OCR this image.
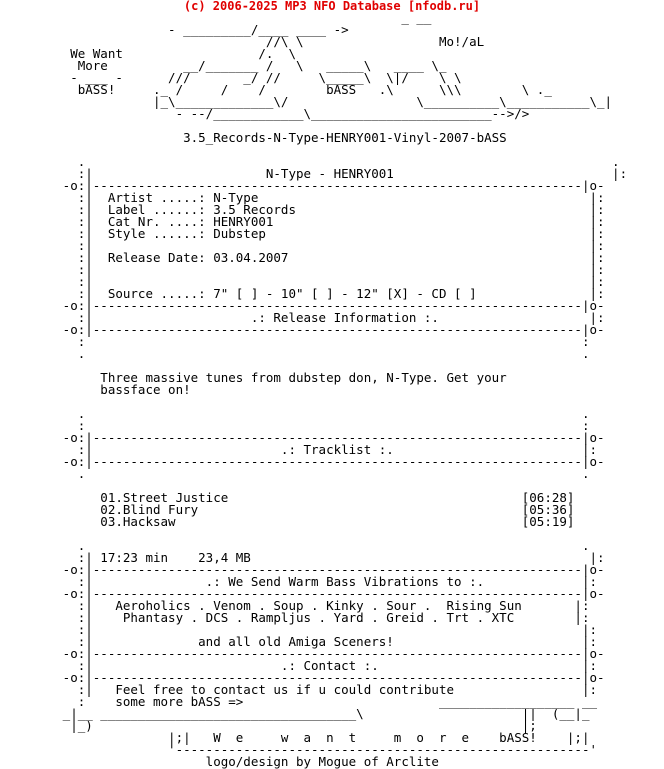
(c) 2006-2025 MP3 NFO Database [nfodb.ru]
_ __
- _________/____ ____ ->
//\ \                  Mo!/aL
We Want                  /.  \
More          __/_______ /   \   _____\   ____ \_
- ___ -      ///       _/ //     \_____\  \|/    \ \
bASS!     ._ /     /    /        bASS   .\      \\\        \ ._
|_\_____________\/                 \__________\___________\_|
- --/____________\________________________-->/>

3.5_Records-N-Type-HENRY001-Vinyl-2007-bASS

.                                                                      .
:|                       N-Type - HENRY001                             |:
-o:|-----------------------------------------------------------------|o-
:|  Artist .....: N-Type                                            |:
:|  Label ......: 3.5 Records                                       |:
:|  Cat Nr. ....: HENRY001                                          |:
:|  Style ......: Dubstep                                           |:
:|                                                                  |:
:|  Release Date: 03.04.2007                                        |:
:|                                                                  |:
:|                                                                  |:
:|  Source .....: 7" [ ] - 10" [ ] - 12" [X] - CD [ ]               |:
-o:|-----------------------------------------------------------------|o-
:|                     .: Release Information :.                    |:
-o:|-----------------------------------------------------------------|o-
:                                                                  :
.                                                                  .

Three massive tunes from dubstep don, N-Type. Get your
bassface on!

.                                                                  .
:                                                                  :
-o:|-----------------------------------------------------------------|o-
:|                         .: Tracklist :.                         |:
-o:|-----------------------------------------------------------------|o-
.                                                                  .

01.Street Justice                                       [06:28]
02.Blind Fury                                           [05:36]
03.Hacksaw                                              [05:19]

.                                                                  .
:| 17:23 min    23,4 MB                                             |:
-o:|-----------------------------------------------------------------|o-
:|               .: We Send Warm Bass Vibrations to :.             |:
-o:|-----------------------------------------------------------------|o-
:|   Aeroholics . Venom . Soup . Kinky . Sour .  Rising Sun       |:
:|    Phantasy . DCS . Rampljus . Yard . Greid . Trt . XTC        |:
:|                                                                 |:
:|              and all old Amiga Sceners!                         |:
-o:|-----------------------------------------------------------------|o-
:|                         .: Contact :.                           |:
-o:|-----------------------------------------------------------------|o-
:|   Feel free to contact us if u could contribute                 |:
:    some more bASS =>                          __________________ __
_|__ __________________________________\                     ||  (__|_
|_)                                                         |;
|;|   W  e     w  a  n  t     m  o  r  e    bASS!    |;|
'-------------------------------------------------------'
logo/design by Mogue of Arclite
